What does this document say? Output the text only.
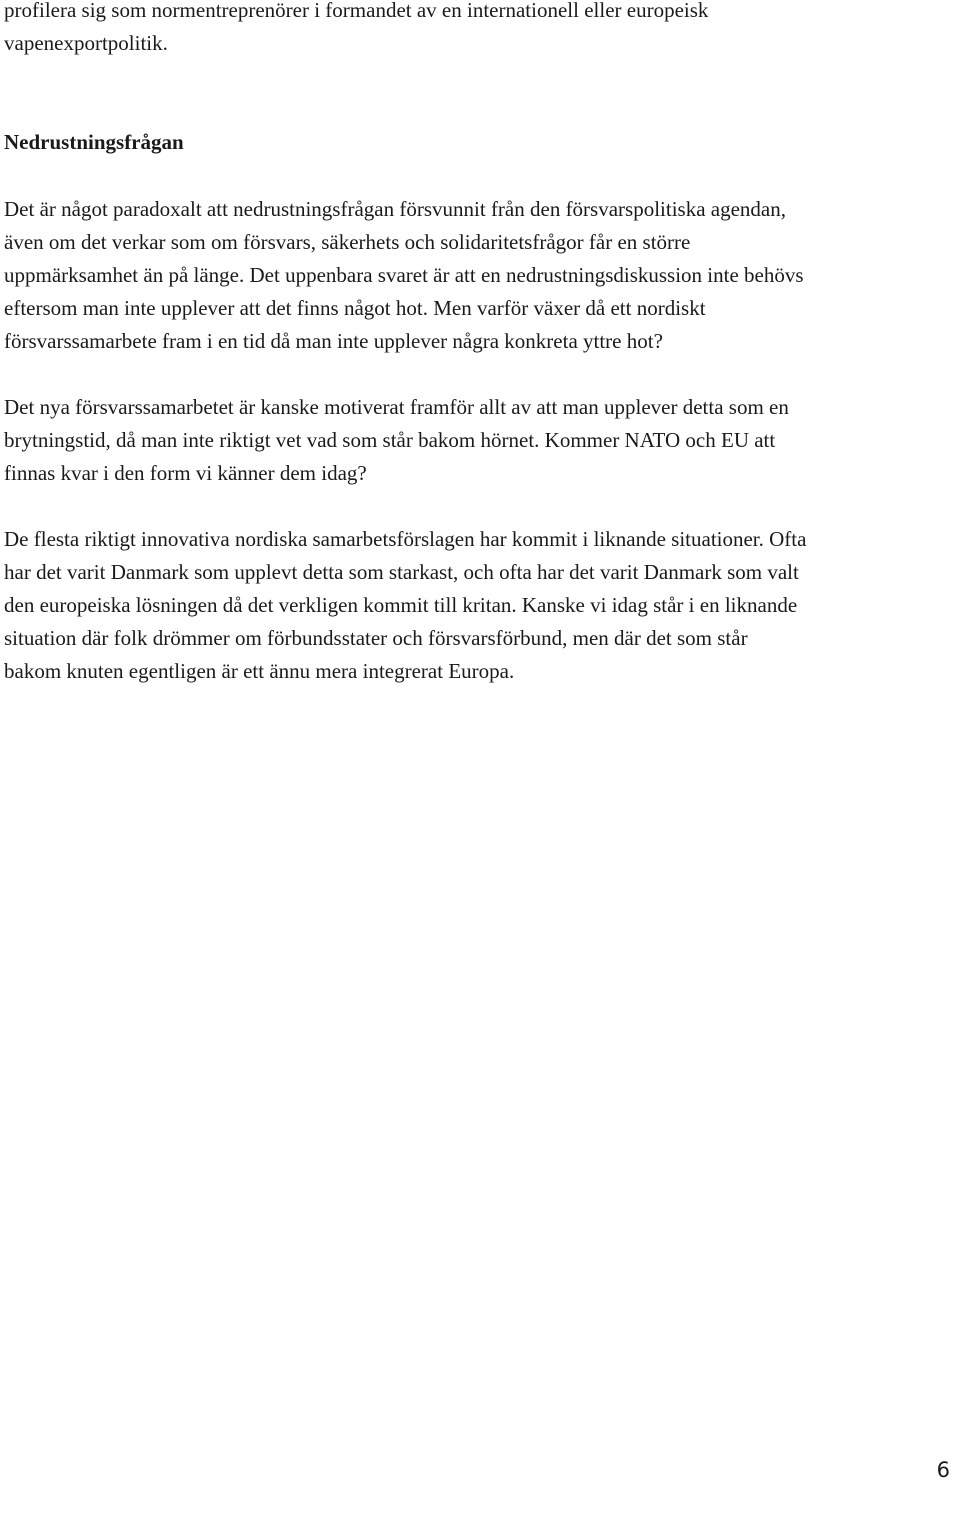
profilera sig som normentreprenörer i formandet av en internationell eller europeisk
vapenexportpolitik.

Nedrustningsfrågan

Det är något paradoxalt att nedrustningsfrågan försvunnit från den försvarspolitiska agendan,
även om det verkar som om försvars, säkerhets och solidaritetsfrågor får en större
uppmärksamhet än på länge. Det uppenbara svaret är att en nedrustningsdiskussion inte behövs
eftersom man inte upplever att det finns något hot. Men varför växer då ett nordiskt
försvarssamarbete fram i en tid då man inte upplever några konkreta yttre hot?

Det nya försvarssamarbetet är kanske motiverat framför allt av att man upplever detta som en
brytningstid, då man inte riktigt vet vad som står bakom hörnet. Kommer NATO och EU att
finnas kvar i den form vi känner dem idag?

De flesta riktigt innovativa nordiska samarbetsförslagen har kommit i liknande situationer. Ofta
har det varit Danmark som upplevt detta som starkast, och ofta har det varit Danmark som valt
den europeiska lösningen då det verkligen kommit till kritan. Kanske vi idag står i en liknande
situation där folk drömmer om förbundsstater och försvarsförbund, men där det som står
bakom knuten egentligen är ett ännu mera integrerat Europa.

6
